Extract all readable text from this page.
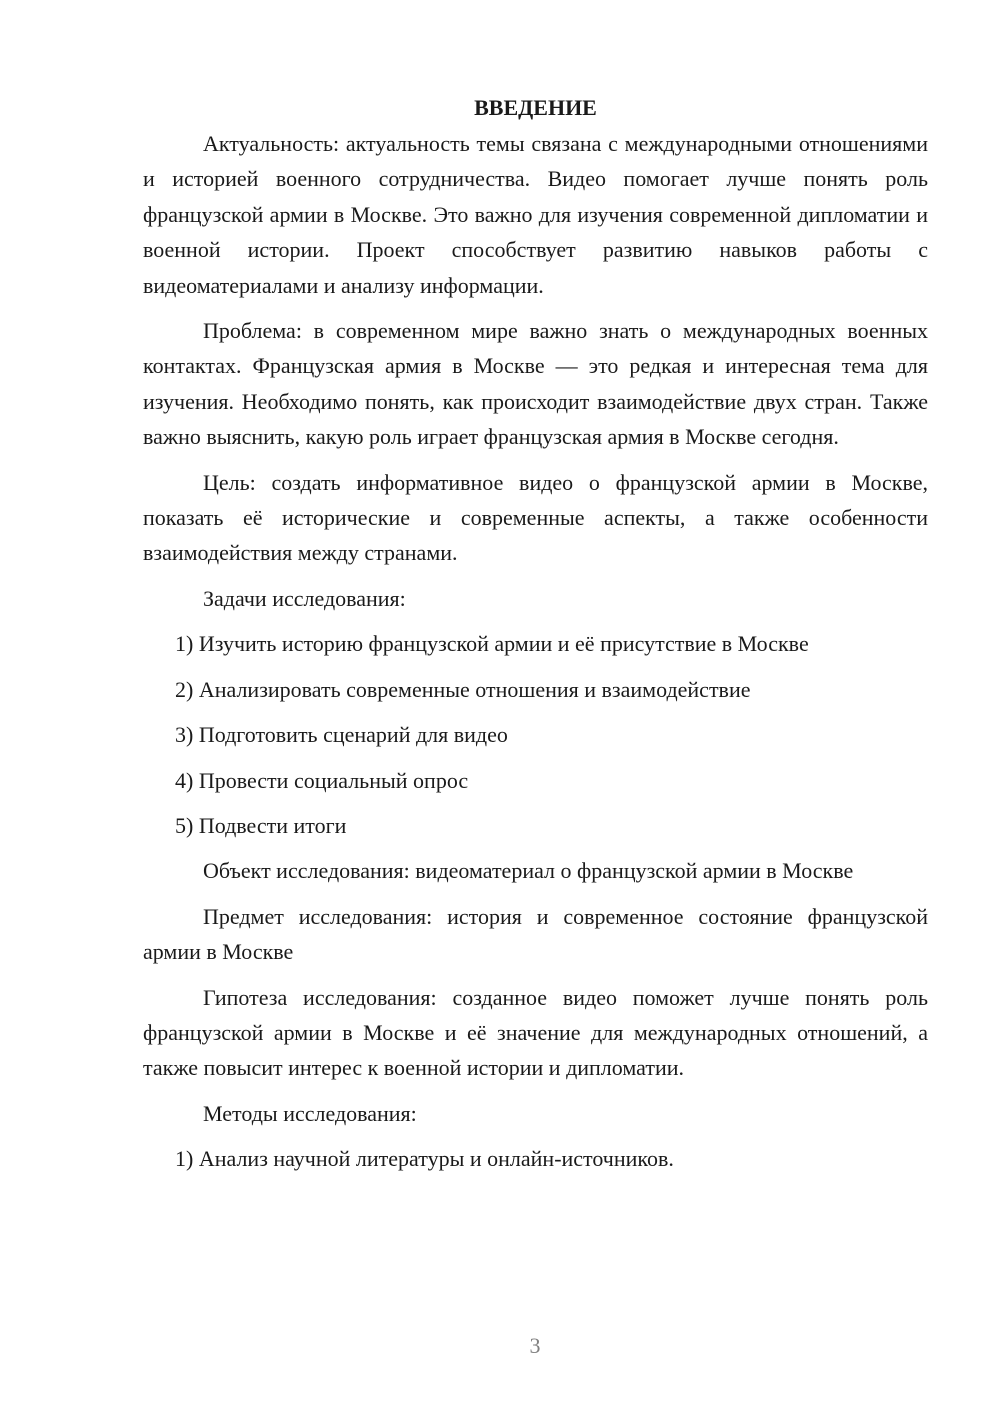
ВВЕДЕНИЕ

Актуальность: актуальность темы связана с международными отношениями и историей военного сотрудничества. Видео помогает лучше понять роль французской армии в Москве. Это важно для изучения современной дипломатии и военной истории. Проект способствует развитию навыков работы с видеоматериалами и анализу информации.

Проблема: в современном мире важно знать о международных военных контактах. Французская армия в Москве — это редкая и интересная тема для изучения. Необходимо понять, как происходит взаимодействие двух стран. Также важно выяснить, какую роль играет французская армия в Москве сегодня.

Цель: создать информативное видео о французской армии в Москве, показать её исторические и современные аспекты, а также особенности взаимодействия между странами.

Задачи исследования:

1) Изучить историю французской армии и её присутствие в Москве

2) Анализировать современные отношения и взаимодействие

3) Подготовить сценарий для видео

4) Провести социальный опрос

5) Подвести итоги

Объект исследования: видеоматериал о французской армии в Москве

Предмет исследования: история и современное состояние французской армии в Москве

Гипотеза исследования: созданное видео поможет лучше понять роль французской армии в Москве и её значение для международных отношений, а также повысит интерес к военной истории и дипломатии.

Методы исследования:

1) Анализ научной литературы и онлайн-источников.

3
